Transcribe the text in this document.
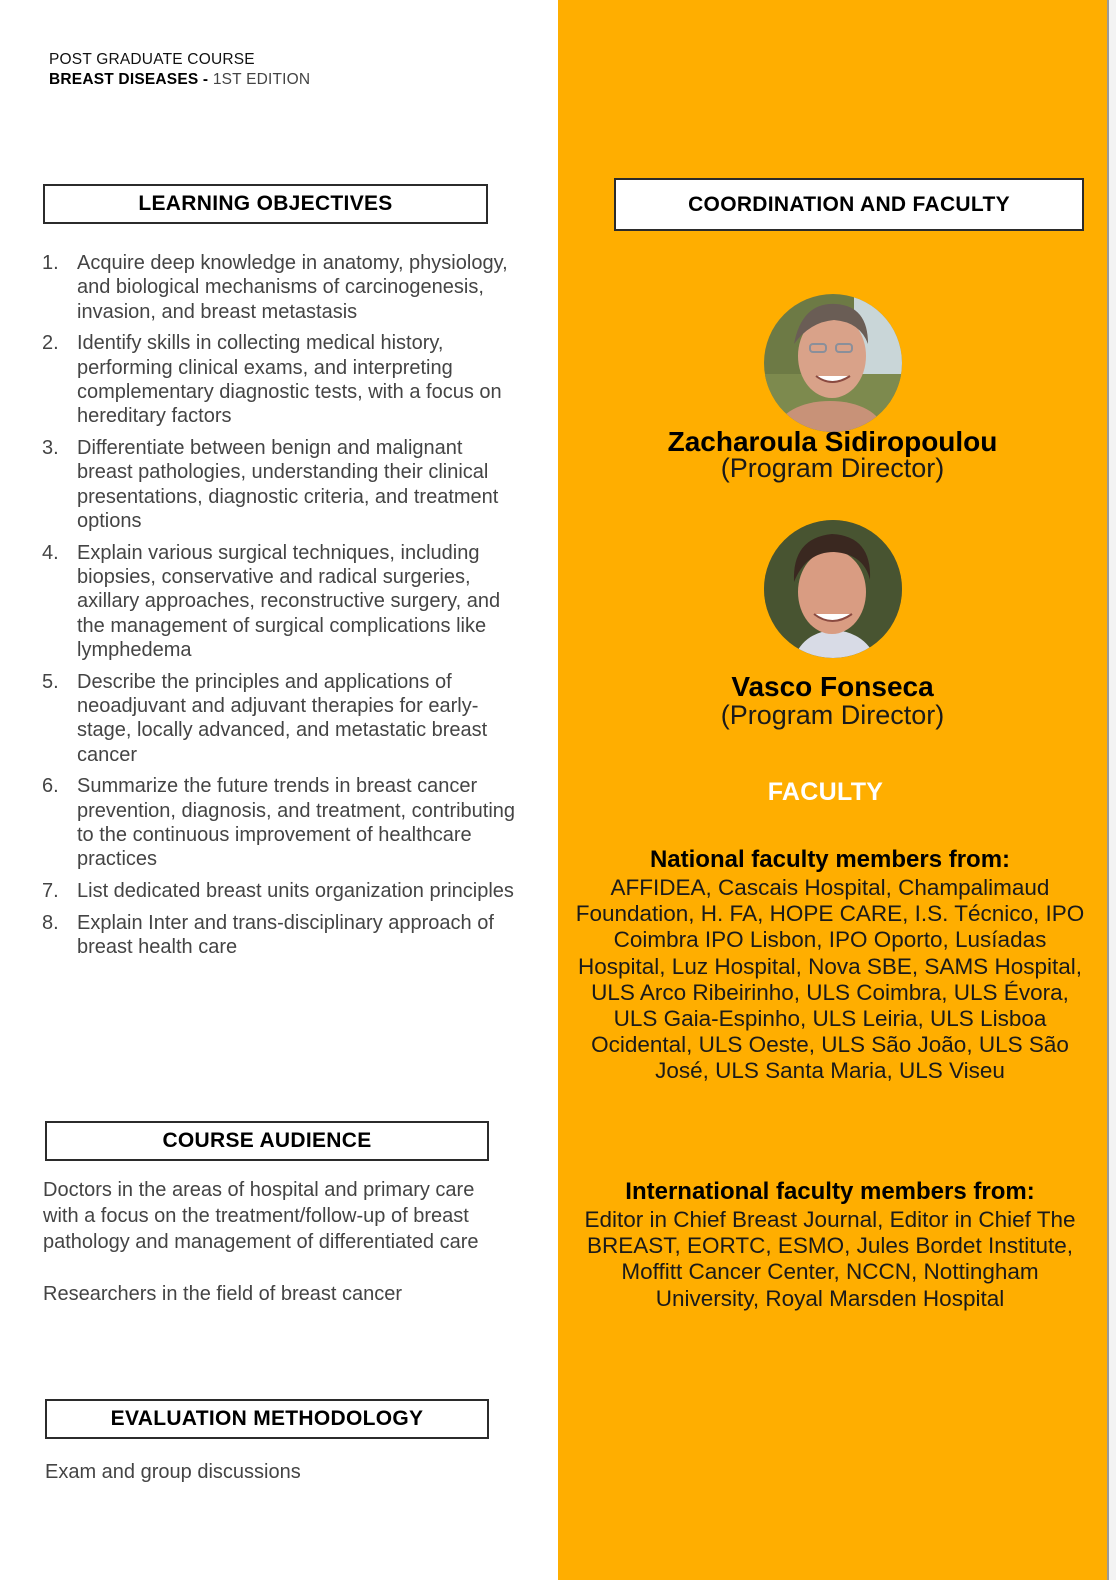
POST GRADUATE COURSE
BREAST DISEASES - 1ST EDITION
LEARNING OBJECTIVES
1. Acquire deep knowledge in anatomy, physiology, and biological mechanisms of carcinogenesis, invasion, and breast metastasis
2. Identify skills in collecting medical history, performing clinical exams, and interpreting complementary diagnostic tests, with a focus on hereditary factors
3. Differentiate between benign and malignant breast pathologies, understanding their clinical presentations, diagnostic criteria, and treatment options
4. Explain various surgical techniques, including biopsies, conservative and radical surgeries, axillary approaches, reconstructive surgery, and the management of surgical complications like lymphedema
5. Describe the principles and applications of neoadjuvant and adjuvant therapies for early-stage, locally advanced, and metastatic breast cancer
6. Summarize the future trends in breast cancer prevention, diagnosis, and treatment, contributing to the continuous improvement of healthcare practices
7. List dedicated breast units organization principles
8. Explain Inter and trans-disciplinary approach of breast health care
COURSE AUDIENCE

Doctors in the areas of hospital and primary care with a focus on the treatment/follow-up of breast pathology and management of differentiated care

Researchers in the field of breast cancer

EVALUATION METHODOLOGY
Exam and group discussions
COORDINATION AND FACULTY
Zacharoula Sidiropoulou
(Program Director)
Vasco Fonseca
(Program Director)
FACULTY
National faculty members from:
AFFIDEA, Cascais Hospital, Champalimaud Foundation, H. FA, HOPE CARE, I.S. Técnico, IPO Coimbra IPO Lisbon, IPO Oporto, Lusíadas Hospital, Luz Hospital, Nova SBE, SAMS Hospital, ULS Arco Ribeirinho, ULS Coimbra, ULS Évora, ULS Gaia-Espinho, ULS Leiria, ULS Lisboa Ocidental, ULS Oeste, ULS São João, ULS São José, ULS Santa Maria, ULS Viseu
International faculty members from:
Editor in Chief Breast Journal, Editor in Chief The BREAST, EORTC, ESMO, Jules Bordet Institute, Moffitt Cancer Center, NCCN, Nottingham University, Royal Marsden Hospital
